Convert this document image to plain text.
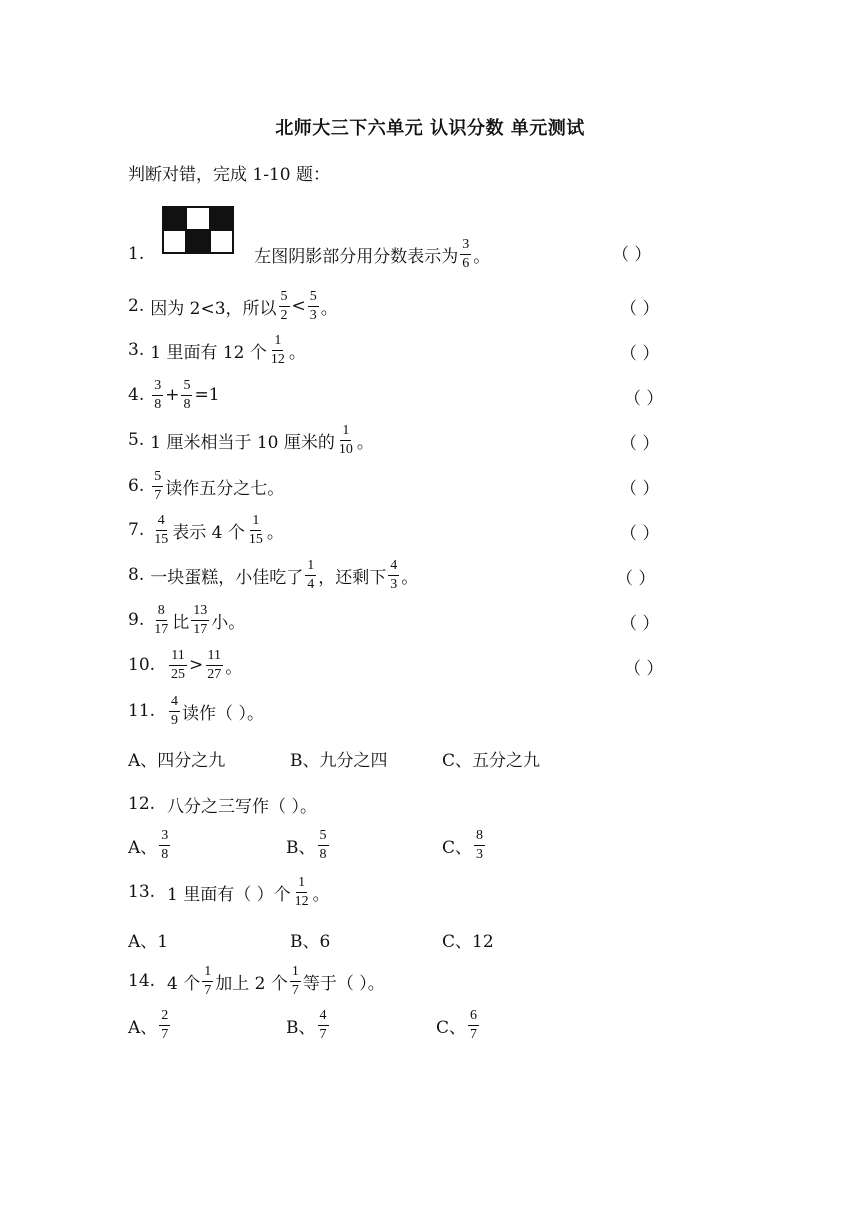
北师大三下六单元 认识分数 单元测试
判断对错，完成 1-10 题：
1.	左图阴影部分用分数表示为 $\frac{3}{6}$ 。	（ ）
2. 因为 2<3，所以 $\frac{5}{2} < \frac{5}{3}$ 。	（ ）
3. 1 里面有 12 个 $\frac{1}{12}$ 。	（ ）
4. $\frac{3}{8} + \frac{5}{8} =1$	（ ）
5. 1 厘米相当于 10 厘米的 $\frac{1}{10}$ 。	（ ）
6. $\frac{5}{7}$ 读作五分之七。	（ ）
7. $\frac{4}{15}$ 表示 4 个 $\frac{1}{15}$ 。	（ ）
8. 一块蛋糕，小佳吃了 $\frac{1}{4}$ ，还剩下 $\frac{4}{3}$ 。	（ ）
9. $\frac{8}{17}$ 比 $\frac{13}{17}$ 小。	（ ）
10. $\frac{11}{25} > \frac{11}{27}$ 。	（ ）
11. $\frac{4}{9}$ 读作（ ）。
A、四分之九	B、九分之四	C、五分之九
12. 八分之三写作（ ）。
A、 $\frac{3}{8}$	B、 $\frac{5}{8}$	C、 $\frac{8}{3}$
13. 1 里面有（ ）个 $\frac{1}{12}$ 。
A、1	B、6	C、12
14. 4 个 $\frac{1}{7}$ 加上 2 个 $\frac{1}{7}$ 等于（ ）。
A、 $\frac{2}{7}$	B、 $\frac{4}{7}$	C、 $\frac{6}{7}$
